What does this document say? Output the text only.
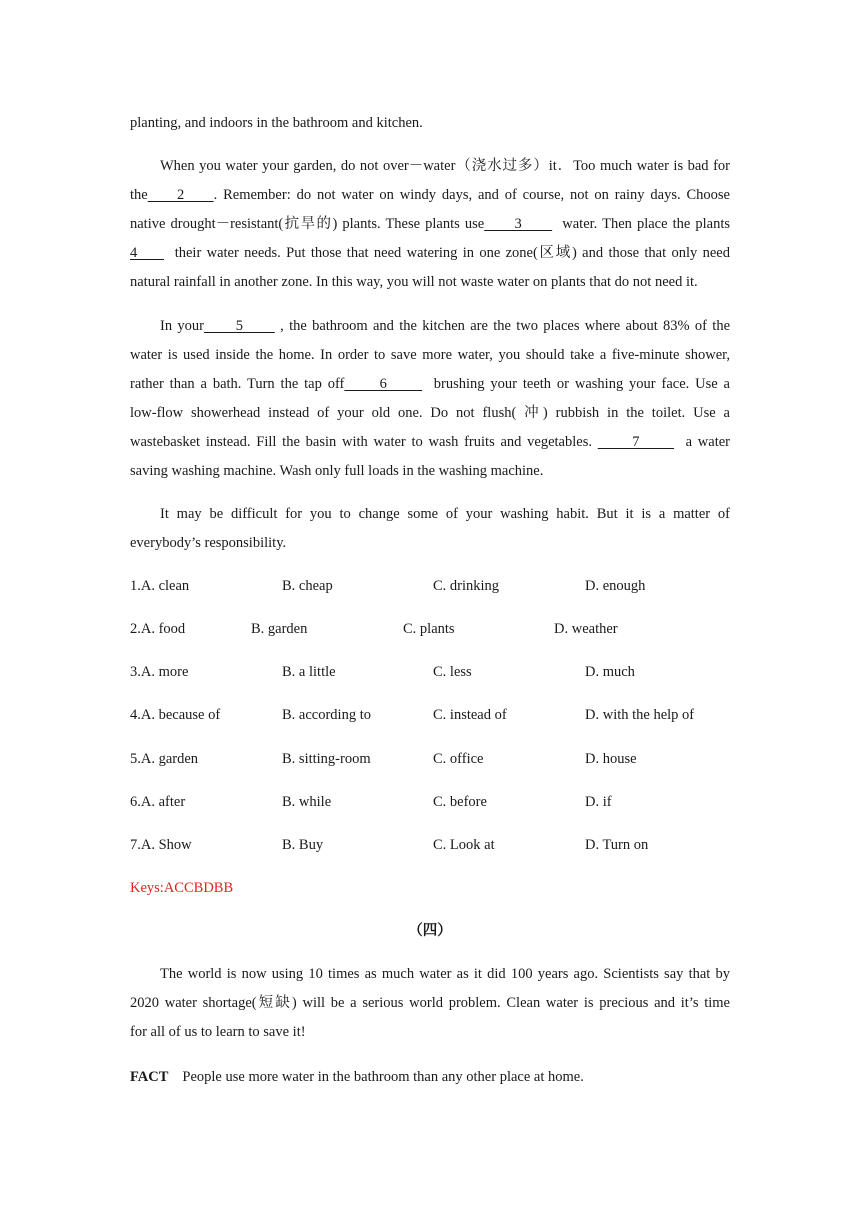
planting, and indoors in the bathroom and kitchen.
When you water your garden, do not over－water（浇水过多）it．Too much water is bad for
the     2     . Remember: do not water on windy days, and of course, not on rainy days. Choose
native drought－resistant(抗旱的) plants. These plants use      3        water. Then place the plants
4       their water needs. Put those that need watering in one zone(区域) and those that only need
natural rainfall in another zone. In this way, you will not waste water on plants that do not need it.
In your      5       , the bathroom and the kitchen are the two places where about 83% of the
water is used inside the home. In order to save more water, you should take a five-minute shower,
rather than a bath. Turn the tap off      6        brushing your teeth or washing your face. Use a
low-flow showerhead instead of your old one. Do not flush( 冲) rubbish in the toilet. Use a
wastebasket instead. Fill the basin with water to wash fruits and vegetables.       7        a water
saving washing machine. Wash only full loads in the washing machine.
It may be difficult for you to change some of your washing habit. But it is a matter of
everybody’s responsibility.
1.A. clean	B. cheap	C. drinking	D. enough
2.A. food	B. garden	C. plants	D. weather
3.A. more	B. a little	C. less	D. much
4.A. because of	B. according to	C. instead of	D. with the help of
5.A. garden	B. sitting-room	C. office	D. house
6.A. after	B. while	C. before	D. if
7.A. Show	B. Buy	C. Look at	D. Turn on
Keys:ACCBDBB
（四）
The world is now using 10 times as much water as it did 100 years ago. Scientists say that by
2020 water shortage(短缺) will be a serious world problem. Clean water is precious and it’s time
for all of us to learn to save it!
FACT People use more water in the bathroom than any other place at home.
